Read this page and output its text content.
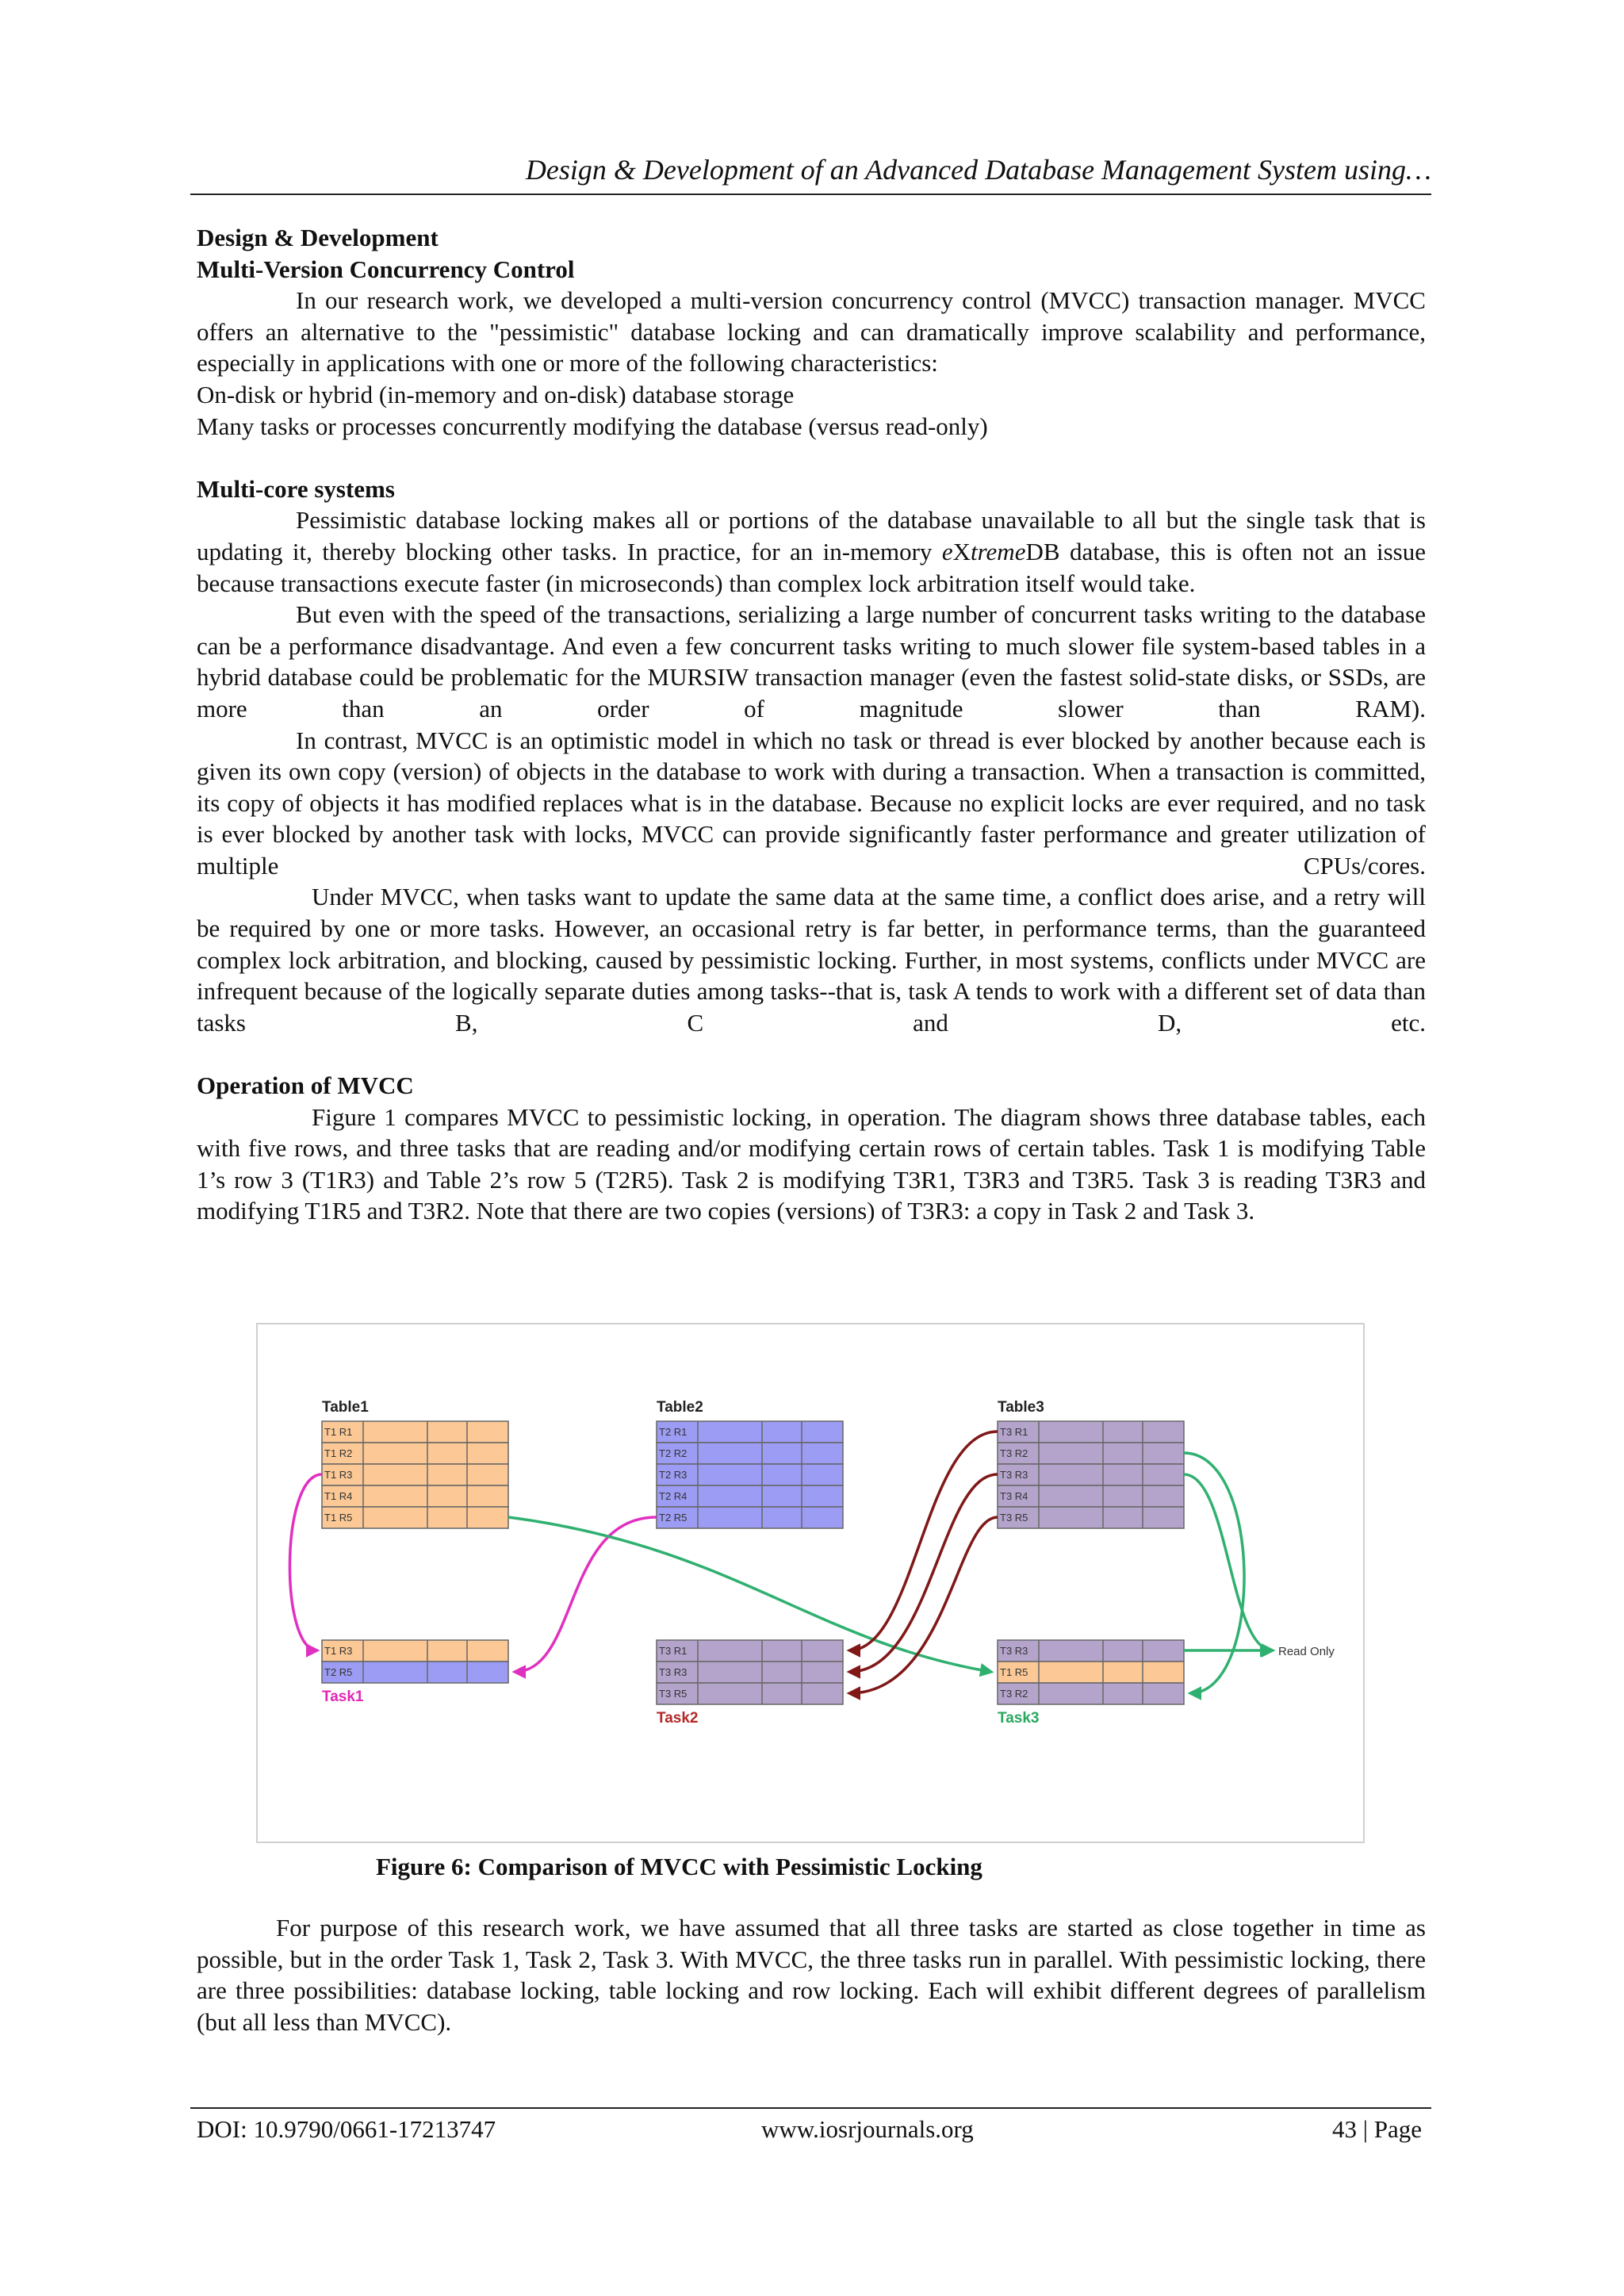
Design & Development of an Advanced Database Management System using…

Design & Development

Multi-Version Concurrency Control

In our research work, we developed a multi-version concurrency control (MVCC) transaction manager. MVCC offers an alternative to the "pessimistic" database locking and can dramatically improve scalability and performance, especially in applications with one or more of the following characteristics:

On-disk or hybrid (in-memory and on-disk) database storage

Many tasks or processes concurrently modifying the database (versus read-only)

Multi-core systems

Pessimistic database locking makes all or portions of the database unavailable to all but the single task that is updating it, thereby blocking other tasks. In practice, for an in-memory eXtremeDB database, this is often not an issue because transactions execute faster (in microseconds) than complex lock arbitration itself would take.

But even with the speed of the transactions, serializing a large number of concurrent tasks writing to the database can be a performance disadvantage. And even a few concurrent tasks writing to much slower file system-based tables in a hybrid database could be problematic for the MURSIW transaction manager (even the fastest solid-state disks, or SSDs, are more than an order of magnitude slower than RAM).

In contrast, MVCC is an optimistic model in which no task or thread is ever blocked by another because each is given its own copy (version) of objects in the database to work with during a transaction. When a transaction is committed, its copy of objects it has modified replaces what is in the database. Because no explicit locks are ever required, and no task is ever blocked by another task with locks, MVCC can provide significantly faster performance and greater utilization of multiple CPUs/cores.

Under MVCC, when tasks want to update the same data at the same time, a conflict does arise, and a retry will be required by one or more tasks. However, an occasional retry is far better, in performance terms, than the guaranteed complex lock arbitration, and blocking, caused by pessimistic locking. Further, in most systems, conflicts under MVCC are infrequent because of the logically separate duties among tasks--that is, task A tends to work with a different set of data than tasks B, C and D, etc.

Operation of MVCC

Figure 1 compares MVCC to pessimistic locking, in operation. The diagram shows three database tables, each with five rows, and three tasks that are reading and/or modifying certain rows of certain tables. Task 1 is modifying Table 1’s row 3 (T1R3) and Table 2’s row 5 (T2R5). Task 2 is modifying T3R1, T3R3 and T3R5. Task 3 is reading T3R3 and modifying T1R5 and T3R2. Note that there are two copies (versions) of T3R3: a copy in Task 2 and Task 3.

Table1
T1 R1
T1 R2
T1 R3
T1 R4
T1 R5
Table2
T2 R1
T2 R2
T2 R3
T2 R4
T2 R5
Table3
T3 R1
T3 R2
T3 R3
T3 R4
T3 R5
T1 R3
T2 R5
Task1
T3 R1
T3 R3
T3 R5
Task2
T3 R3
T1 R5
T3 R2
Task3
Read Only
Figure 6: Comparison of MVCC with Pessimistic Locking

For purpose of this research work, we have assumed that all three tasks are started as close together in time as possible, but in the order Task 1, Task 2, Task 3. With MVCC, the three tasks run in parallel. With pessimistic locking, there are three possibilities: database locking, table locking and row locking. Each will exhibit different degrees of parallelism (but all less than MVCC).

DOI: 10.9790/0661-17213747	www.iosrjournals.org	43 | Page
